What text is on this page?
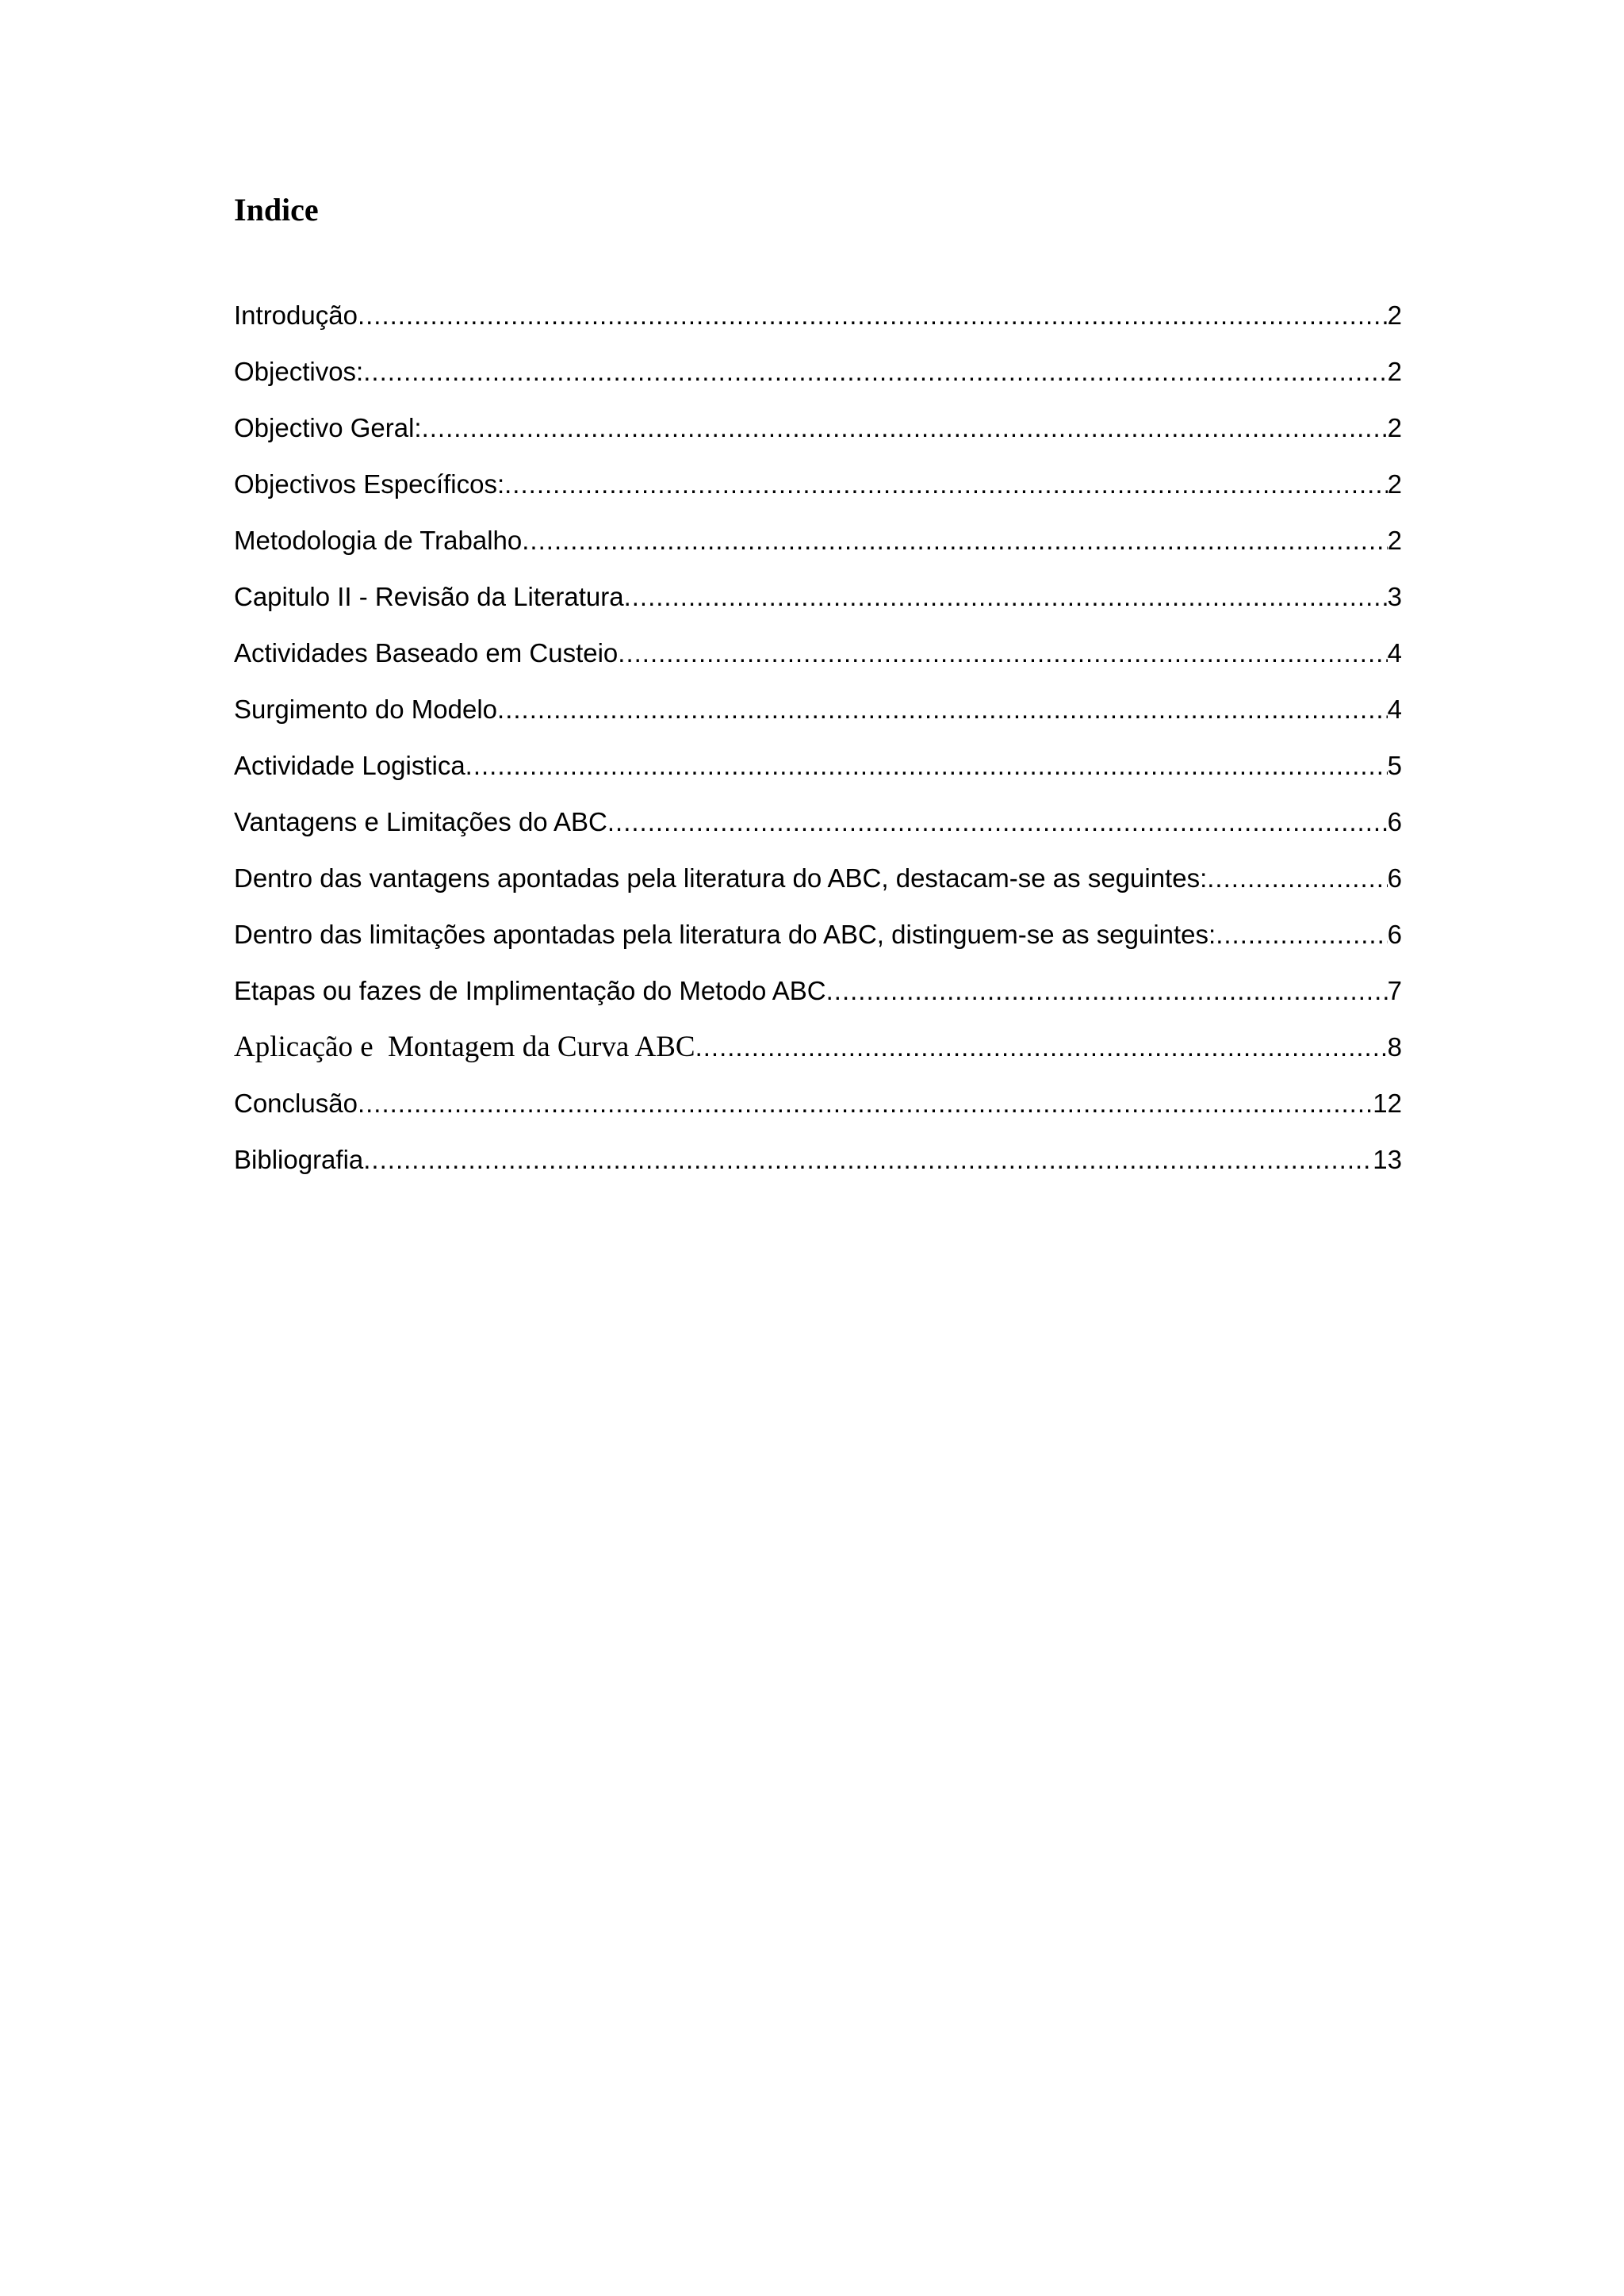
Indice
Introdução .....	2
Objectivos: .....	2
Objectivo Geral: .....	2
Objectivos Específicos: .....	2
Metodologia de Trabalho .....	2
Capitulo II - Revisão da Literatura .....	3
Actividades Baseado em Custeio .....	4
Surgimento do Modelo .....	4
Actividade Logistica .....	5
Vantagens e Limitações do ABC .....	6
Dentro das vantagens apontadas pela literatura do ABC, destacam-se as seguintes: .....	6
Dentro das limitações apontadas pela literatura do ABC, distinguem-se as seguintes: .....	6
Etapas ou fazes de Implimentação do Metodo ABC .....	7
Aplicação e  Montagem da Curva ABC .....	8
Conclusão .....	12
Bibliografia .....	13
